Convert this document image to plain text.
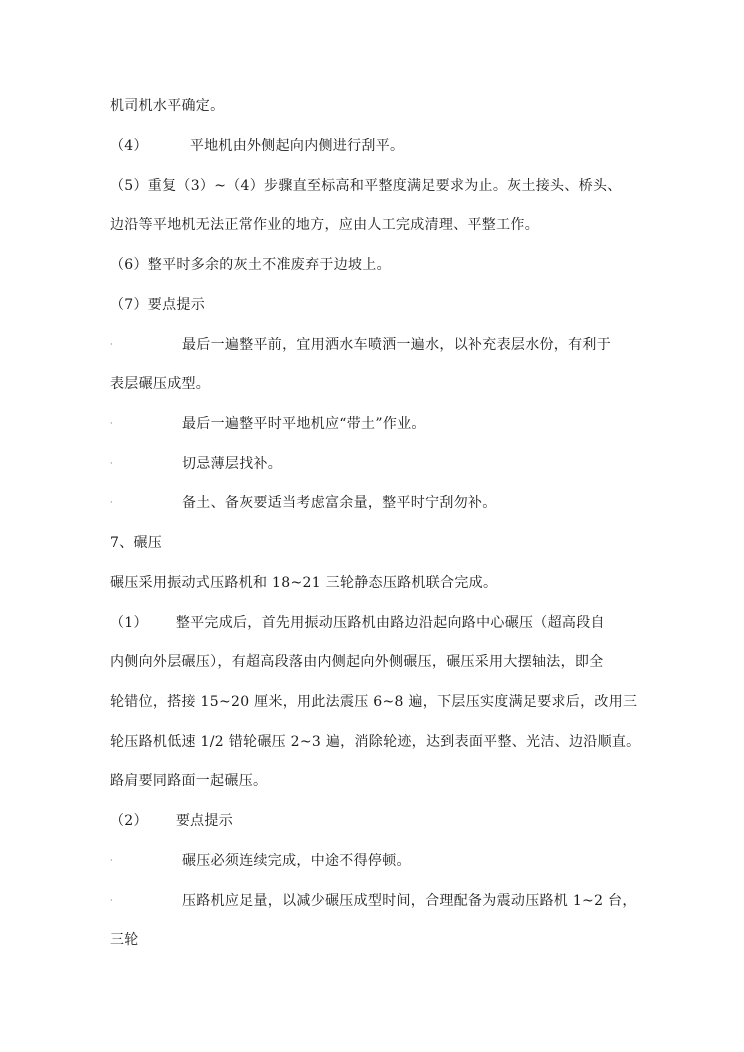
机司机水平确定。
（4）	平地机由外侧起向内侧进行刮平。
（5）重复（3）~（4）步骤直至标高和平整度满足要求为止。灰土接头、桥头、
边沿等平地机无法正常作业的地方，应由人工完成清理、平整工作。
（6）整平时多余的灰土不准废弃于边坡上。
（7）要点提示
·	最后一遍整平前，宜用洒水车喷洒一遍水，以补充表层水份，有利于
表层碾压成型。
·	最后一遍整平时平地机应“带土”作业。
·	切忌薄层找补。
·	备土、备灰要适当考虑富余量，整平时宁刮勿补。
7、碾压
碾压采用振动式压路机和 18~21 三轮静态压路机联合完成。
（1） 整平完成后，首先用振动压路机由路边沿起向路中心碾压（超高段自
内侧向外层碾压），有超高段落由内侧起向外侧碾压，碾压采用大摆轴法，即全
轮错位，搭接 15~20 厘米，用此法震压 6~8 遍，下层压实度满足要求后，改用三
轮压路机低速 1/2 错轮碾压 2~3 遍，消除轮迹，达到表面平整、光洁、边沿顺直。
路肩要同路面一起碾压。
（2） 要点提示
·	碾压必须连续完成，中途不得停顿。
·	压路机应足量，以减少碾压成型时间，合理配备为震动压路机 1~2 台，
三轮
